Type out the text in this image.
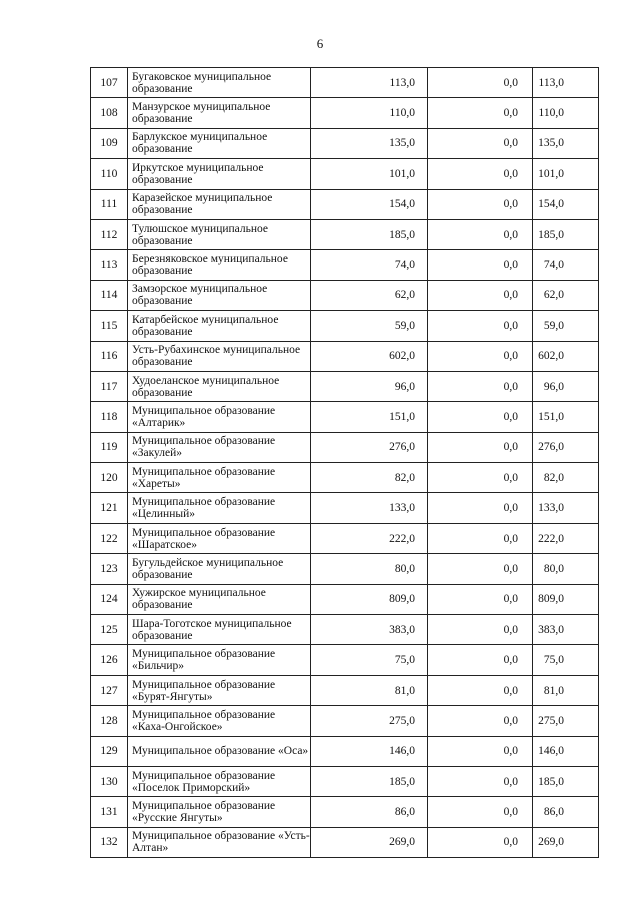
6
107	Бугаковское муниципальное образование	113,0	0,0	113,0
108	Манзурское муниципальное образование	110,0	0,0	110,0
109	Барлукское муниципальное образование	135,0	0,0	135,0
110	Иркутское муниципальное образование	101,0	0,0	101,0
111	Каразейское муниципальное образование	154,0	0,0	154,0
112	Тулюшское муниципальное образование	185,0	0,0	185,0
113	Березняковское муниципальное образование	74,0	0,0	74,0
114	Замзорское муниципальное образование	62,0	0,0	62,0
115	Катарбейское муниципальное образование	59,0	0,0	59,0
116	Усть-Рубахинское муниципальное образование	602,0	0,0	602,0
117	Худоеланское муниципальное образование	96,0	0,0	96,0
118	Муниципальное образование «Алтарик»	151,0	0,0	151,0
119	Муниципальное образование «Закулей»	276,0	0,0	276,0
120	Муниципальное образование «Хареты»	82,0	0,0	82,0
121	Муниципальное образование «Целинный»	133,0	0,0	133,0
122	Муниципальное образование «Шаратское»	222,0	0,0	222,0
123	Бугульдейское муниципальное образование	80,0	0,0	80,0
124	Хужирское муниципальное образование	809,0	0,0	809,0
125	Шара-Тоготское муниципальное образование	383,0	0,0	383,0
126	Муниципальное образование «Бильчир»	75,0	0,0	75,0
127	Муниципальное образование «Бурят-Янгуты»	81,0	0,0	81,0
128	Муниципальное образование «Каха-Онгойское»	275,0	0,0	275,0
129	Муниципальное образование «Оса»	146,0	0,0	146,0
130	Муниципальное образование «Поселок Приморский»	185,0	0,0	185,0
131	Муниципальное образование «Русские Янгуты»	86,0	0,0	86,0
132	Муниципальное образование «Усть-Алтан»	269,0	0,0	269,0
